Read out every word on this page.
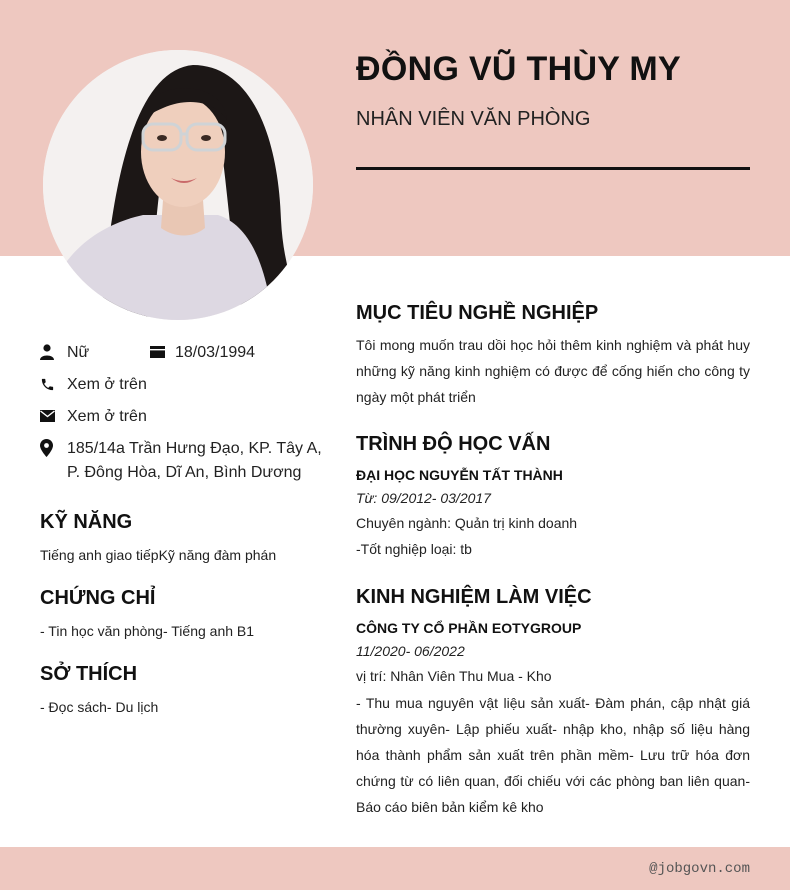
ĐỒNG VŨ THÙY MY
NHÂN VIÊN VĂN PHÒNG
Nữ	18/03/1994
Xem ở trên
Xem ở trên
185/14a Trần Hưng Đạo, KP. Tây A, P. Đông Hòa, Dĩ An, Bình Dương
KỸ NĂNG
Tiếng anh giao tiếpKỹ năng đàm phán
CHỨNG CHỈ
- Tin học văn phòng- Tiếng anh B1
SỞ THÍCH
- Đọc sách- Du lịch
MỤC TIÊU NGHỀ NGHIỆP
Tôi mong muốn trau dồi học hỏi thêm kinh nghiệm và phát huy những kỹ năng kinh nghiệm có được để cống hiến cho công ty ngày một phát triển
TRÌNH ĐỘ HỌC VẤN
ĐẠI HỌC NGUYỄN TẤT THÀNH
Từ: 09/2012- 03/2017
Chuyên ngành: Quản trị kinh doanh
-Tốt nghiệp loại: tb
KINH NGHIỆM LÀM VIỆC
CÔNG TY CỔ PHẦN EOTYGROUP
11/2020- 06/2022
vị trí: Nhân Viên Thu Mua - Kho
- Thu mua nguyên vật liệu sản xuất- Đàm phán, cập nhật giá thường xuyên- Lập phiếu xuất- nhập kho, nhập số liệu hàng hóa thành phẩm sản xuất trên phần mềm- Lưu trữ hóa đơn chứng từ có liên quan, đối chiếu với các phòng ban liên quan- Báo cáo biên bản kiểm kê kho
@jobgovn.com
